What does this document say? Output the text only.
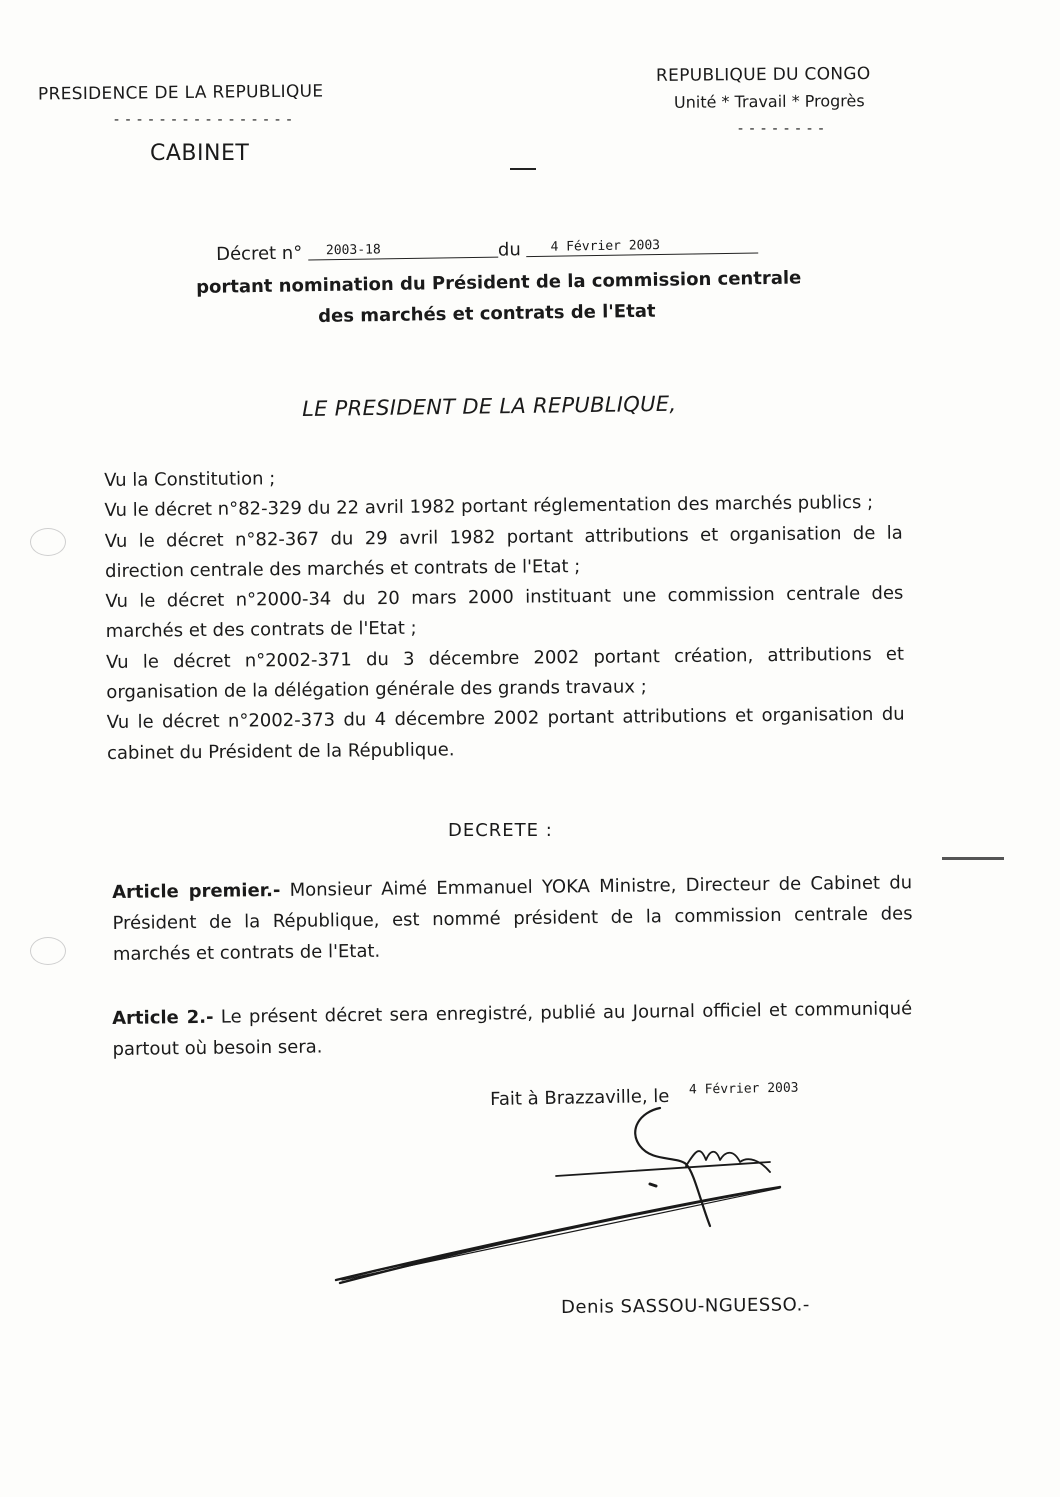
PRESIDENCE DE LA REPUBLIQUE
- - - - - - - - - - - - - - - -
CABINET
REPUBLIQUE DU CONGO
Unité * Travail * Progrès
- - - - - - - -
Décret n° 2003-18	du 4 Février 2003
portant nomination du Président de la commission centrale
des marchés et contrats de l'Etat
LE PRESIDENT DE LA REPUBLIQUE,

Vu la Constitution ;

Vu le décret n°82-329 du 22 avril 1982 portant réglementation des marchés publics ;

Vu le décret n°82-367 du 29 avril 1982 portant attributions et organisation de la direction centrale des marchés et contrats de l'Etat ;

Vu le décret n°2000-34 du 20 mars 2000 instituant une commission centrale des marchés et des contrats de l'Etat ;

Vu le décret n°2002-371 du 3 décembre 2002 portant création, attributions et organisation de la délégation générale des grands travaux ;

Vu le décret n°2002-373 du 4 décembre 2002 portant attributions et organisation du cabinet du Président de la République.

DECRETE :

Article premier.- Monsieur Aimé Emmanuel YOKA Ministre, Directeur de Cabinet du Président de la République, est nommé président de la commission centrale des marchés et contrats de l'Etat.

Article 2.- Le présent décret sera enregistré, publié au Journal officiel et communiqué partout où besoin sera.

Fait à Brazzaville, le $^{4 Février 2003}$
Denis SASSOU-NGUESSO.-
